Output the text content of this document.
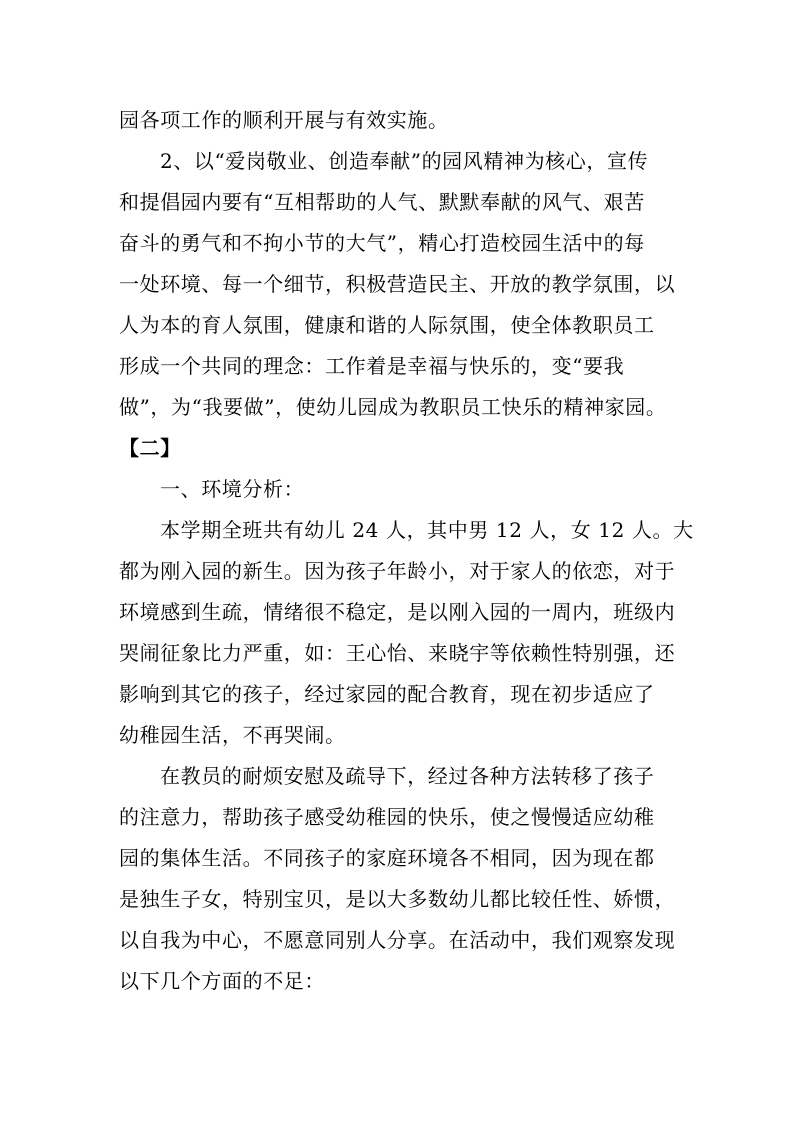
园各项工作的顺利开展与有效实施。
2、以“爱岗敬业、创造奉献”的园风精神为核心，宣传
和提倡园内要有“互相帮助的人气、默默奉献的风气、艰苦
奋斗的勇气和不拘小节的大气”，精心打造校园生活中的每
一处环境、每一个细节，积极营造民主、开放的教学氛围，以
人为本的育人氛围，健康和谐的人际氛围，使全体教职员工
形成一个共同的理念：工作着是幸福与快乐的，变“要我
做”，为“我要做”，使幼儿园成为教职员工快乐的精神家园。
【二】
一、环境分析：
本学期全班共有幼儿 24 人，其中男 12 人，女 12 人。大
都为刚入园的新生。因为孩子年龄小，对于家人的依恋，对于
环境感到生疏，情绪很不稳定，是以刚入园的一周内，班级内
哭闹征象比力严重，如：王心怡、来晓宇等依赖性特别强，还
影响到其它的孩子，经过家园的配合教育，现在初步适应了
幼稚园生活，不再哭闹。
在教员的耐烦安慰及疏导下，经过各种方法转移了孩子
的注意力，帮助孩子感受幼稚园的快乐，使之慢慢适应幼稚
园的集体生活。不同孩子的家庭环境各不相同，因为现在都
是独生子女，特别宝贝，是以大多数幼儿都比较任性、娇惯，
以自我为中心，不愿意同别人分享。在活动中，我们观察发现
以下几个方面的不足：
